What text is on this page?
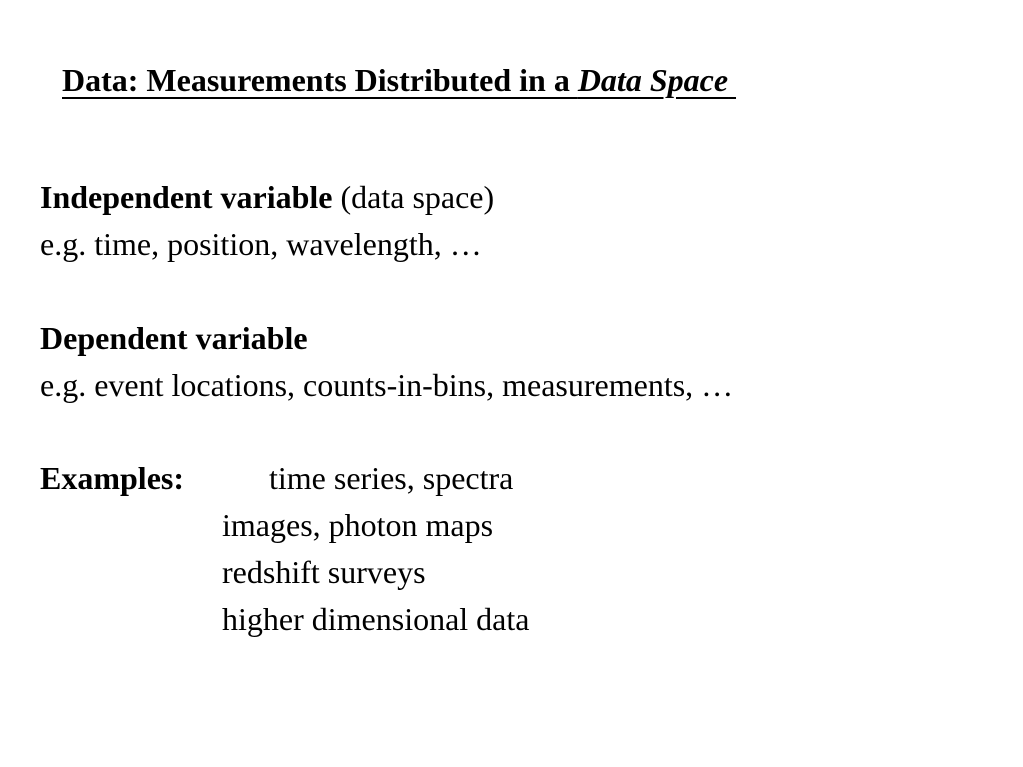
Data: Measurements Distributed in a Data Space
Independent variable (data space)
e.g. time, position, wavelength, …
Dependent variable
e.g. event locations, counts-in-bins, measurements, …
Examples:	time series, spectra
images, photon maps
redshift surveys
higher dimensional data
